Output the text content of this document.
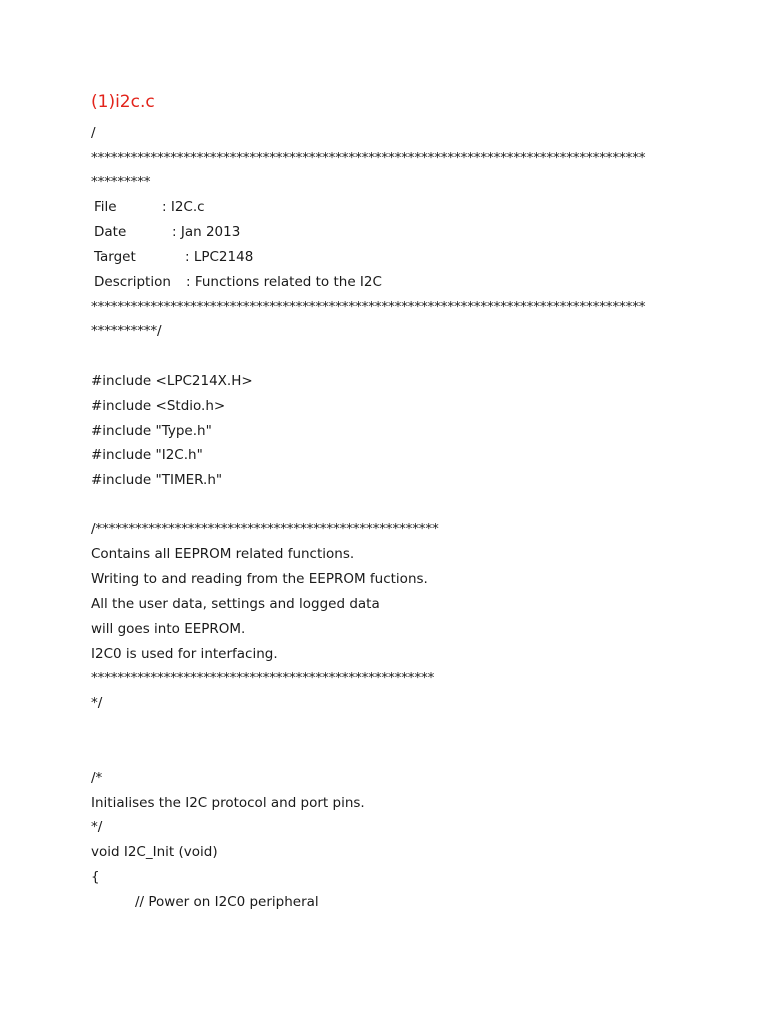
(1)i2c.c
/
************************************************************************************
*********
File	: I2C.c
Date	: Jan 2013
Target	: LPC2148
Description : Functions related to the I2C
************************************************************************************
**********/
#include <LPC214X.H>
#include <Stdio.h>
#include "Type.h"
#include "I2C.h"
#include "TIMER.h"
/****************************************************
Contains all EEPROM related functions.
Writing to and reading from the EEPROM fuctions.
All the user data, settings and logged data
will goes into EEPROM.
I2C0 is used for interfacing.
****************************************************
*/
/*
Initialises the I2C protocol and port pins.
*/
void I2C_Init (void)
{
// Power on I2C0 peripheral
